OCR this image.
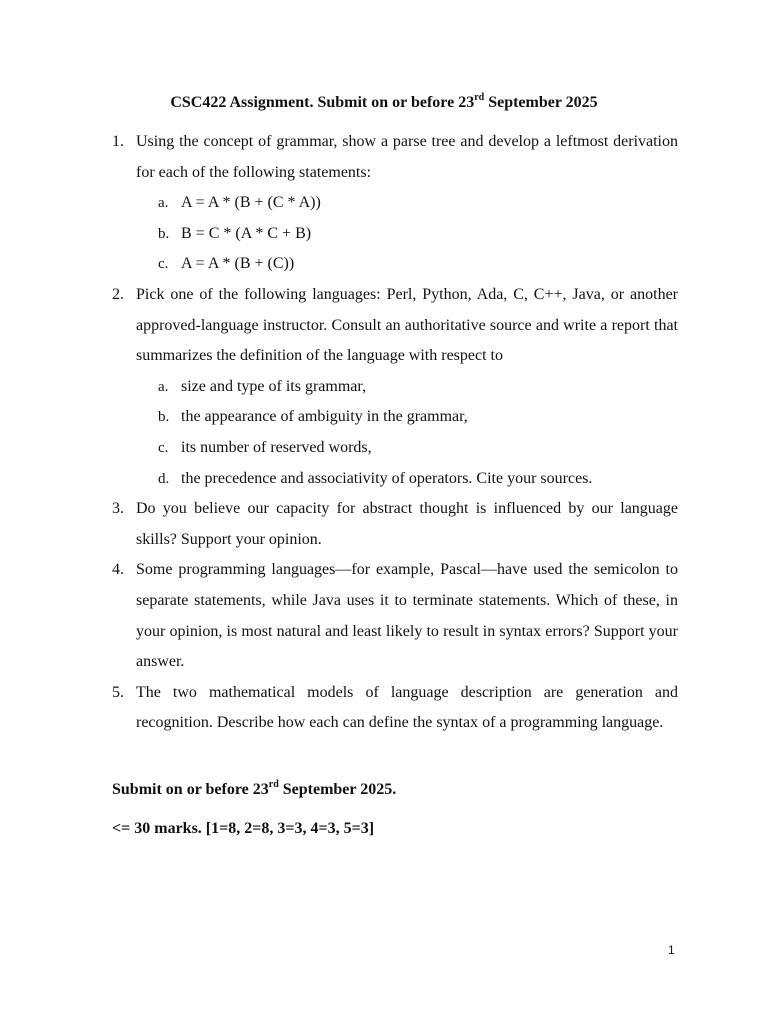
CSC422 Assignment. Submit on or before 23rd September 2025
1. Using the concept of grammar, show a parse tree and develop a leftmost derivation for each of the following statements:
a. A = A * (B + (C * A))
b. B = C * (A * C + B)
c. A = A * (B + (C))
2. Pick one of the following languages: Perl, Python, Ada, C, C++, Java, or another approved-language instructor. Consult an authoritative source and write a report that summarizes the definition of the language with respect to
a. size and type of its grammar,
b. the appearance of ambiguity in the grammar,
c. its number of reserved words,
d. the precedence and associativity of operators. Cite your sources.
3. Do you believe our capacity for abstract thought is influenced by our language skills? Support your opinion.
4. Some programming languages—for example, Pascal—have used the semicolon to separate statements, while Java uses it to terminate statements. Which of these, in your opinion, is most natural and least likely to result in syntax errors? Support your answer.
5. The two mathematical models of language description are generation and recognition. Describe how each can define the syntax of a programming language.
Submit on or before 23rd September 2025.
<= 30 marks. [1=8, 2=8, 3=3, 4=3, 5=3]
1
